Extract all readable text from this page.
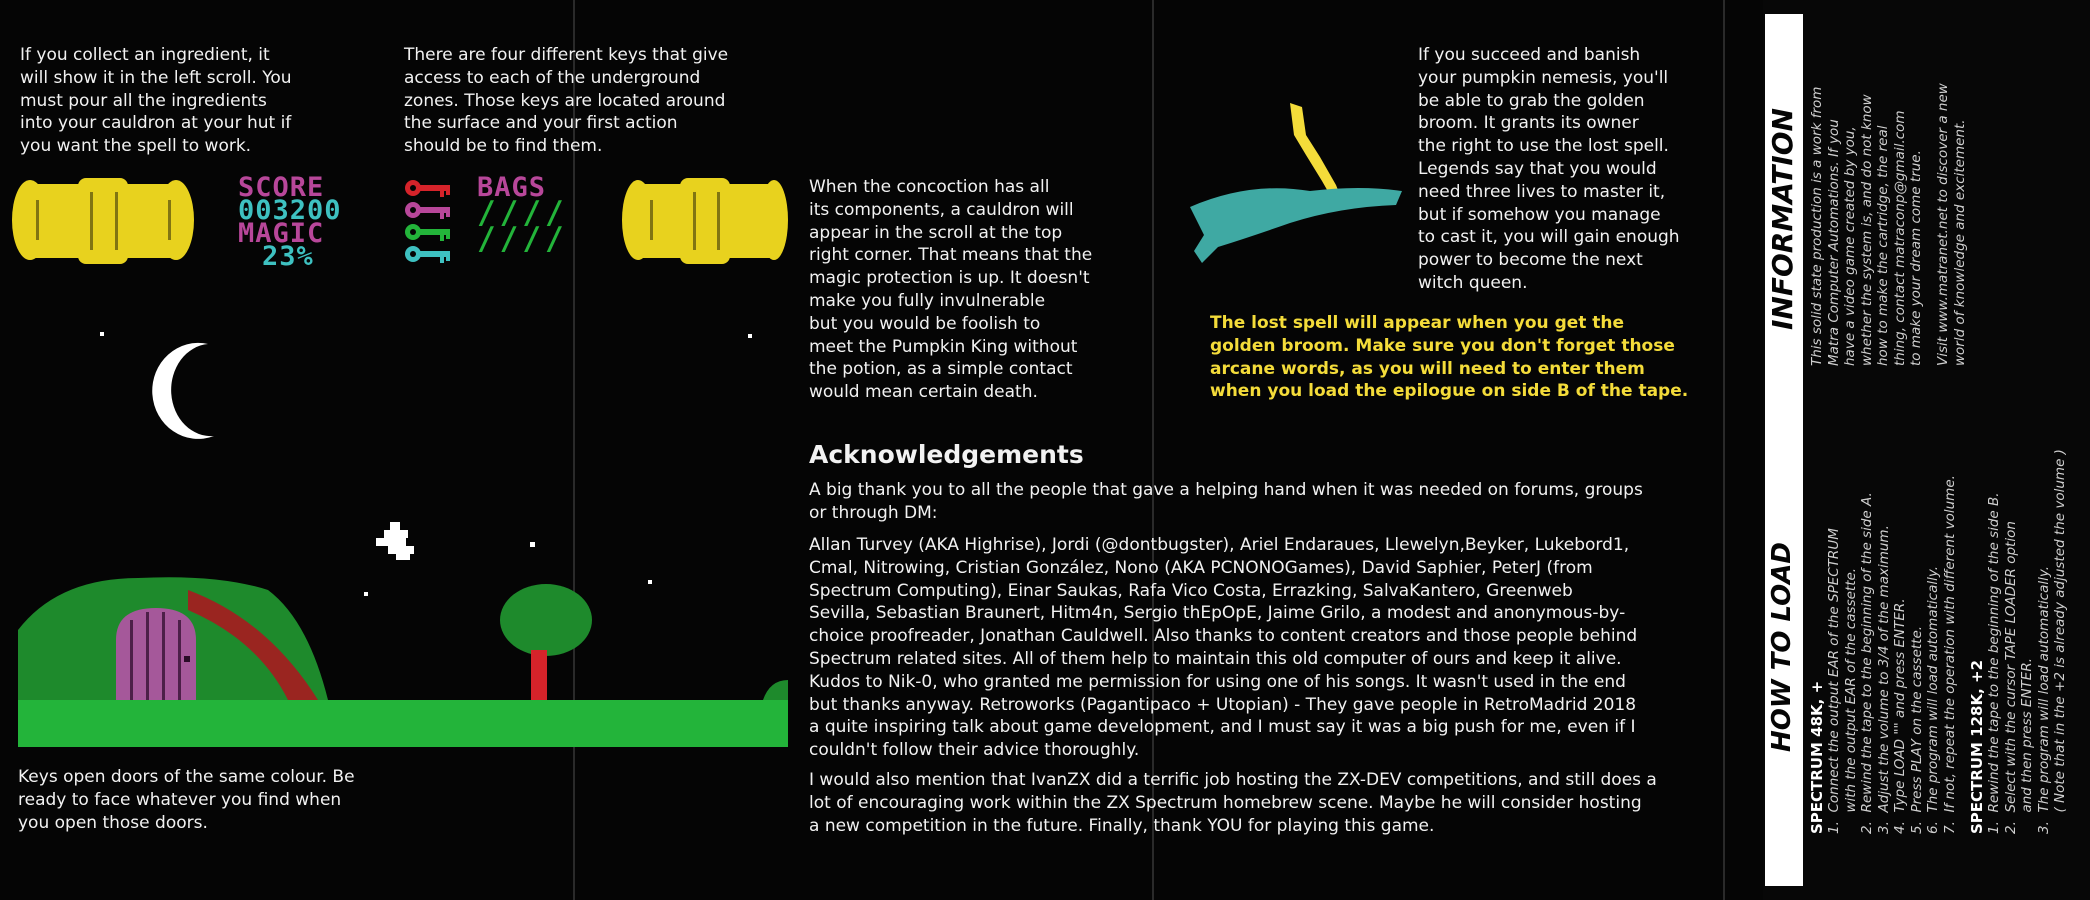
If you collect an ingredient, it
will show it in the left scroll. You
must pour all the ingredients
into your cauldron at your hut if
you want the spell to work.
There are four different keys that give
access to each of the underground
zones. Those keys are located around
the surface and your first action
should be to find them.
SCORE
003200
MAGIC
23%
BAGS
////
////
Keys open doors of the same colour. Be
ready to face whatever you find when
you open those doors.
When the concoction has all
its components, a cauldron will
appear in the scroll at the top
right corner. That means that the
magic protection is up. It doesn't
make you fully invulnerable
but you would be foolish to
meet the Pumpkin King without
the potion, as a simple contact
would mean certain death.
If you succeed and banish
your pumpkin nemesis, you'll
be able to grab the golden
broom. It grants its owner
the right to use the lost spell.
Legends say that you would
need three lives to master it,
but if somehow you manage
to cast it, you will gain enough
power to become the next
witch queen.
The lost spell will appear when you get the
golden broom. Make sure you don't forget those
arcane words, as you will need to enter them
when you load the epilogue on side B of the tape.
Acknowledgements
A big thank you to all the people that gave a helping hand when it was needed on forums, groups
or through DM:
Allan Turvey (AKA Highrise), Jordi (@dontbugster), Ariel Endaraues, Llewelyn,Beyker, Lukebord1,
Cmal, Nitrowing, Cristian González, Nono (AKA PCNONOGames), David Saphier, PeterJ (from
Spectrum Computing), Einar Saukas, Rafa Vico Costa, Errazking, SalvaKantero, Greenweb
Sevilla, Sebastian Braunert, Hitm4n, Sergio thEpOpE, Jaime Grilo, a modest and anonymous-by-
choice proofreader, Jonathan Cauldwell. Also thanks to content creators and those people behind
Spectrum related sites. All of them help to maintain this old computer of ours and keep it alive.
Kudos to Nik-0, who granted me permission for using one of his songs. It wasn't used in the end
but thanks anyway. Retroworks (Pagantipaco + Utopian) - They gave people in RetroMadrid 2018
a quite inspiring talk about game development, and I must say it was a big push for me, even if I
couldn't follow their advice thoroughly.
I would also mention that IvanZX did a terrific job hosting the ZX-DEV competitions, and still does a
lot of encouraging work within the ZX Spectrum homebrew scene. Maybe he will consider hosting
a new competition in the future. Finally, thank YOU for playing this game.
HOW TO LOAD
INFORMATION
SPECTRUM 48K, + 1.  Connect the output EAR of the SPECTRUM
with the output EAR of the cassette.
2.  Rewind the tape to the beginning of the side A.
3.  Adjust the volume to 3/4 of the maximum.
4.  Type LOAD "" and press ENTER.
5.  Press PLAY on the cassette.
6.  The program will load automatically.
7.  If not, repeat the operation with different volume.
SPECTRUM 128K, +2 1.  Rewind the tape to the beginning of the side B.
2.  Select with the cursor TAPE LOADER option
and then press ENTER.
3.  The program will load automatically.
( Note that in the +2 is already adjusted the volume )
This solid state production is a work from
Matra Computer Automations. If you
have a video game created by you,
whether the system is, and do not know
how to make the cartridge, the real
thing, contact matraconp@gmail.com
to make your dream come true.
Visit www.matranet.net to discover a new
world of knowledge and excitement.
